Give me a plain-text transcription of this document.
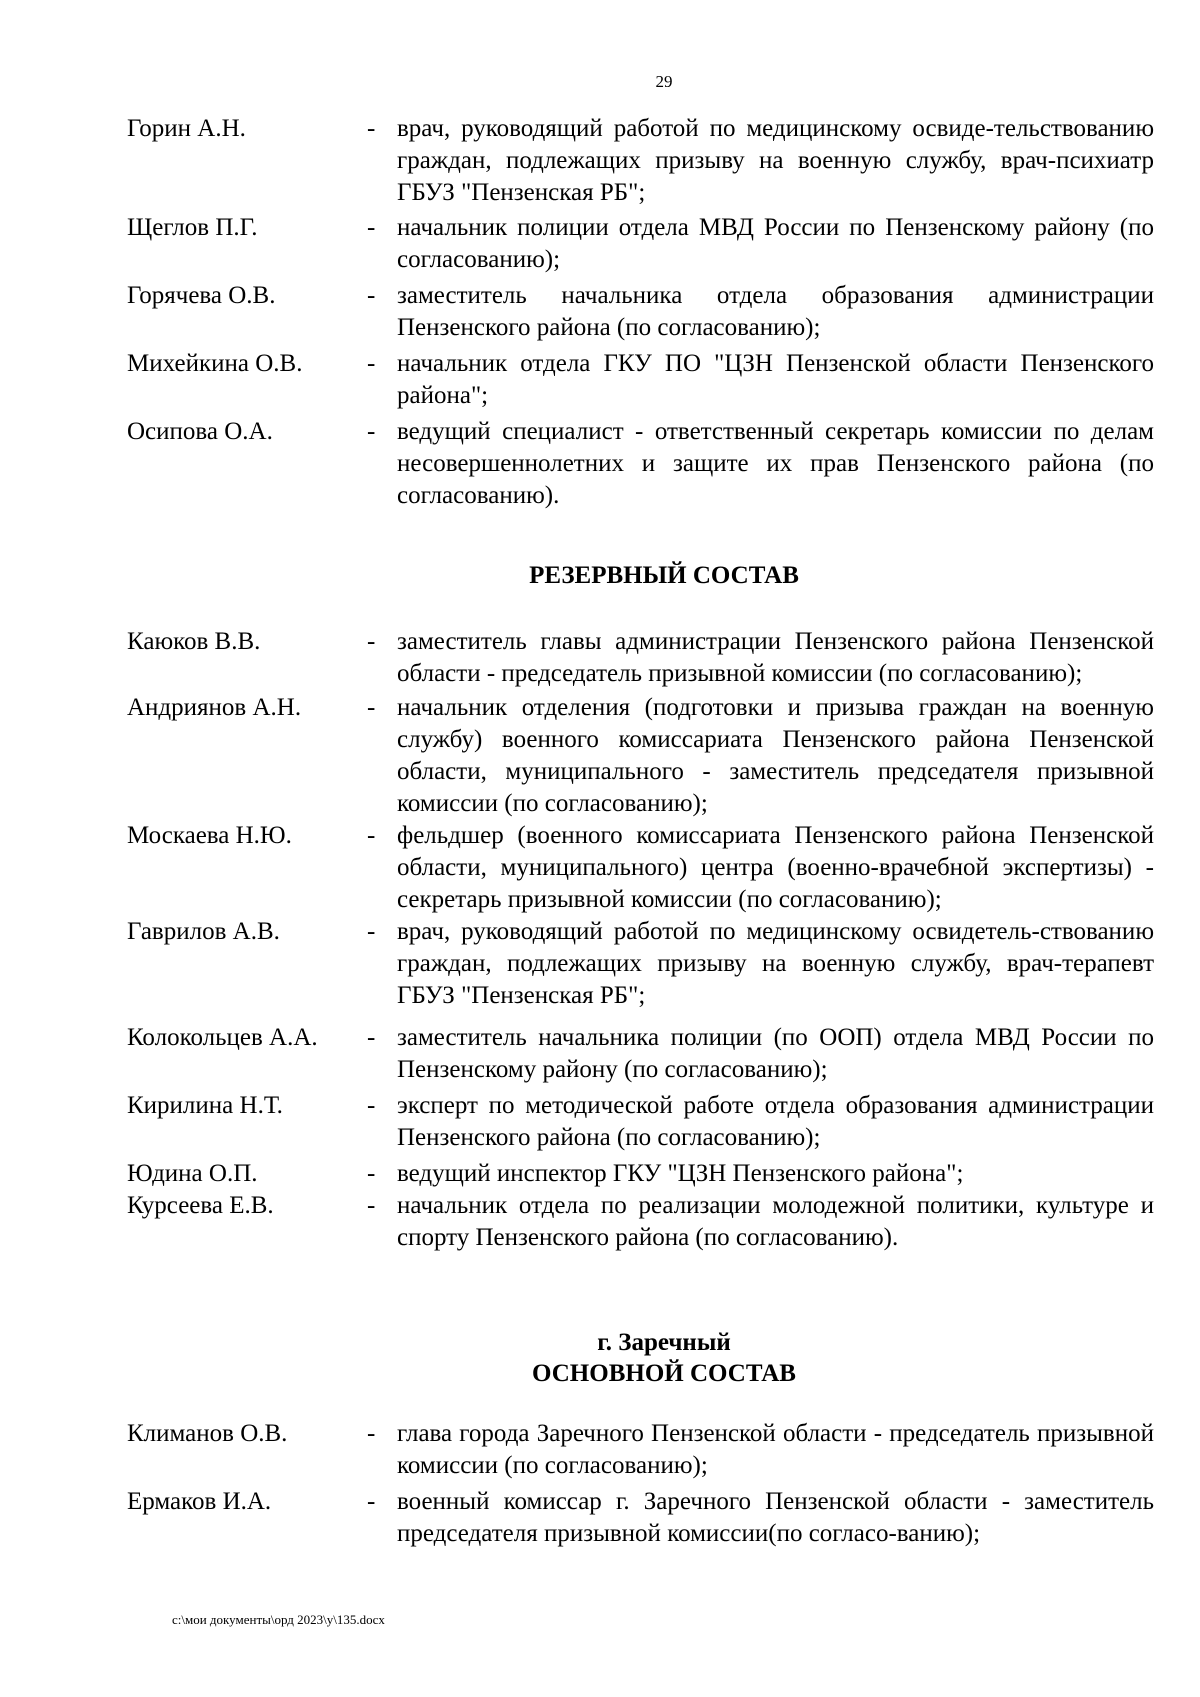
29
Горин А.Н.	- врач, руководящий работой по медицинскому освиде-тельствованию граждан, подлежащих призыву на военную службу, врач-психиатр ГБУЗ "Пензенская РБ";
Щеглов П.Г.	- начальник полиции отдела МВД России по Пензенскому району (по согласованию);
Горячева О.В.	- заместитель начальника отдела образования администрации Пензенского района (по согласованию);
Михейкина О.В.	- начальник отдела ГКУ ПО "ЦЗН Пензенской области Пензенского района";
Осипова О.А.	- ведущий специалист - ответственный секретарь комиссии по делам несовершеннолетних и защите их прав Пензенского района (по согласованию).
РЕЗЕРВНЫЙ СОСТАВ
Каюков В.В.	- заместитель главы администрации Пензенского района Пензенской области - председатель призывной комиссии (по согласованию);
Андриянов А.Н.	- начальник отделения (подготовки и призыва граждан на военную службу) военного комиссариата Пензенского района Пензенской области, муниципального - заместитель председателя призывной комиссии (по согласованию);
Москаева Н.Ю.	- фельдшер (военного комиссариата Пензенского района Пензенской области, муниципального) центра (военно-врачебной экспертизы) - секретарь призывной комиссии (по согласованию);
Гаврилов А.В.	- врач, руководящий работой по медицинскому освидетель-ствованию граждан, подлежащих призыву на военную службу, врач-терапевт ГБУЗ "Пензенская РБ";
Колокольцев А.А.	- заместитель начальника полиции (по ООП) отдела МВД России по Пензенскому району (по согласованию);
Кирилина Н.Т.	- эксперт по методической работе отдела образования администрации Пензенского района (по согласованию);
Юдина О.П.	- ведущий инспектор ГКУ "ЦЗН Пензенского района";
Курсеева Е.В.	- начальник отдела по реализации молодежной политики, культуре и спорту Пензенского района (по согласованию).
г. Заречный
ОСНОВНОЙ СОСТАВ
Климанов О.В.	- глава города Заречного Пензенской области - председатель призывной комиссии (по согласованию);
Ермаков И.А.	- военный комиссар г. Заречного Пензенской области - заместитель председателя призывной комиссии(по согласо-ванию);
c:\мои документы\орд 2023\у\135.docx
